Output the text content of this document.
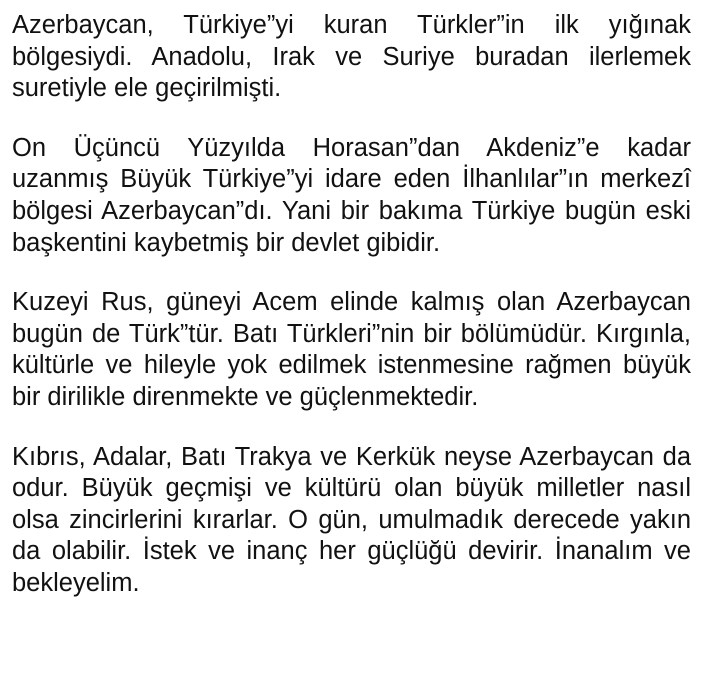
Azerbaycan, Türkiye”yi kuran Türkler”in ilk yığınak bölgesiydi. Anadolu, Irak ve Suriye buradan ilerlemek suretiyle ele geçirilmişti.

On Üçüncü Yüzyılda Horasan”dan Akdeniz”e kadar uzanmış Büyük Türkiye”yi idare eden İlhanlılar”ın merkezî bölgesi Azerbaycan”dı. Yani bir bakıma Türkiye bugün eski başkentini kaybetmiş bir devlet gibidir.

Kuzeyi Rus, güneyi Acem elinde kalmış olan Azerbaycan bugün de Türk”tür. Batı Türkleri”nin bir bölümüdür. Kırgınla, kültürle ve hileyle yok edilmek istenmesine rağmen büyük bir dirilikle direnmekte ve güçlenmektedir.

Kıbrıs, Adalar, Batı Trakya ve Kerkük neyse Azerbaycan da odur. Büyük geçmişi ve kültürü olan büyük milletler nasıl olsa zincirlerini kırarlar. O gün, umulmadık derecede yakın da olabilir. İstek ve inanç her güçlüğü devirir. İnanalım ve bekleyelim.
